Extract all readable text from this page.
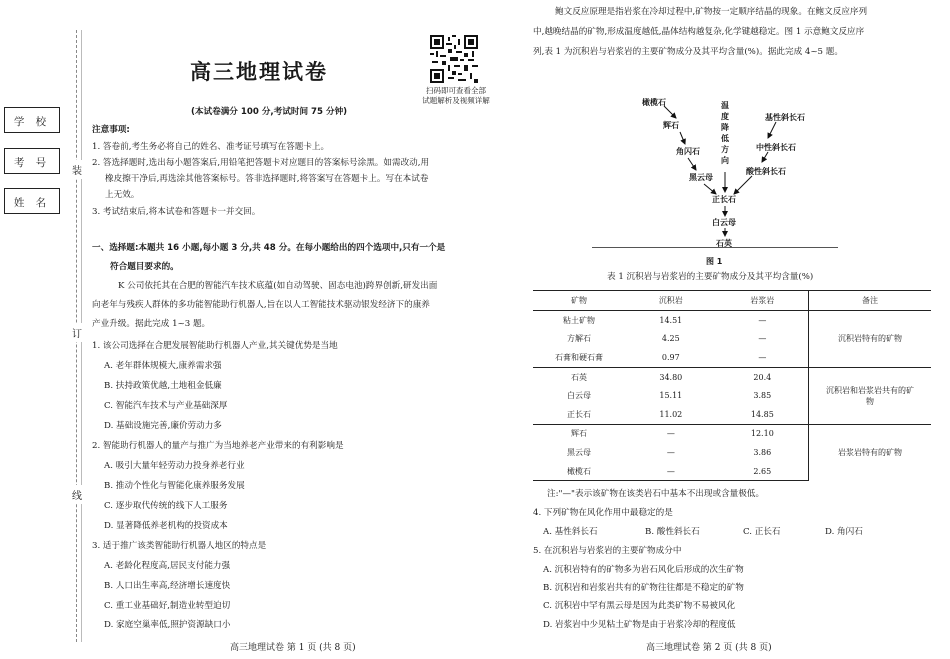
学 校
考 号
姓 名
装
订
线
高三地理试卷
扫码即可查看全部
试题解析及视频详解
(本试卷满分 100 分,考试时间 75 分钟)
注意事项:
1. 答卷前,考生务必将自己的姓名、准考证号填写在答题卡上。
2. 答选择题时,选出每小题答案后,用铅笔把答题卡对应题目的答案标号涂黑。如需改动,用
橡皮擦干净后,再选涂其他答案标号。答非选择题时,将答案写在答题卡上。写在本试卷
上无效。
3. 考试结束后,将本试卷和答题卡一并交回。
一、选择题:本题共 16 小题,每小题 3 分,共 48 分。在每小题给出的四个选项中,只有一个是
符合题目要求的。
K 公司依托其在合肥的智能汽车技术底蕴(如自动驾驶、固态电池)跨界创新,研发出面
向老年与残疾人群体的多功能智能助行机器人,旨在以人工智能技术驱动银发经济下的康养
产业升级。据此完成 1~3 题。
1. 该公司选择在合肥发展智能助行机器人产业,其关键优势是当地
A. 老年群体规模大,康养需求强
B. 扶持政策优越,土地租金低廉
C. 智能汽车技术与产业基础深厚
D. 基础设施完善,廉价劳动力多
2. 智能助行机器人的量产与推广为当地养老产业带来的有利影响是
A. 吸引大量年轻劳动力投身养老行业
B. 推动个性化与智能化康养服务发展
C. 逐步取代传统的线下人工服务
D. 显著降低养老机构的投资成本
3. 适于推广该类智能助行机器人地区的特点是
A. 老龄化程度高,居民支付能力强
B. 人口出生率高,经济增长速度快
C. 重工业基础好,制造业转型迫切
D. 家庭空巢率低,照护资源缺口小
高三地理试卷 第 1 页 (共 8 页)
鲍文反应原理是指岩浆在冷却过程中,矿物按一定顺序结晶的现象。在鲍文反应序列
中,越晚结晶的矿物,形成温度越低,晶体结构越复杂,化学键越稳定。图 1 示意鲍文反应序
列,表 1 为沉积岩与岩浆岩的主要矿物成分及其平均含量(%)。据此完成 4~5 题。
橄榄石
辉石
角闪石
黑云母
基性斜长石
中性斜长石
酸性斜长石
温
度
降
低
方
向
正长石
白云母
石英
图 1
表 1 沉积岩与岩浆岩的主要矿物成分及其平均含量(%)
矿物	沉积岩	岩浆岩	备注
粘土矿物	14.51	—	沉积岩特有的矿物
方解石	4.25	—	
石膏和硬石膏	0.97	—	
石英	34.80	20.4	沉积岩和岩浆岩共有的矿物
白云母	15.11	3.85	
正长石	11.02	14.85	
辉石	—	12.10	岩浆岩特有的矿物
黑云母	—	3.86	
橄榄石	—	2.65	
注:"—"表示该矿物在该类岩石中基本不出现或含量极低。
4. 下列矿物在风化作用中最稳定的是
A. 基性斜长石	B. 酸性斜长石	C. 正长石	D. 角闪石
5. 在沉积岩与岩浆岩的主要矿物成分中
A. 沉积岩特有的矿物多为岩石风化后形成的次生矿物
B. 沉积岩和岩浆岩共有的矿物往往都是不稳定的矿物
C. 沉积岩中罕有黑云母是因为此类矿物不易被风化
D. 岩浆岩中少见粘土矿物是由于岩浆冷却的程度低
高三地理试卷 第 2 页 (共 8 页)
